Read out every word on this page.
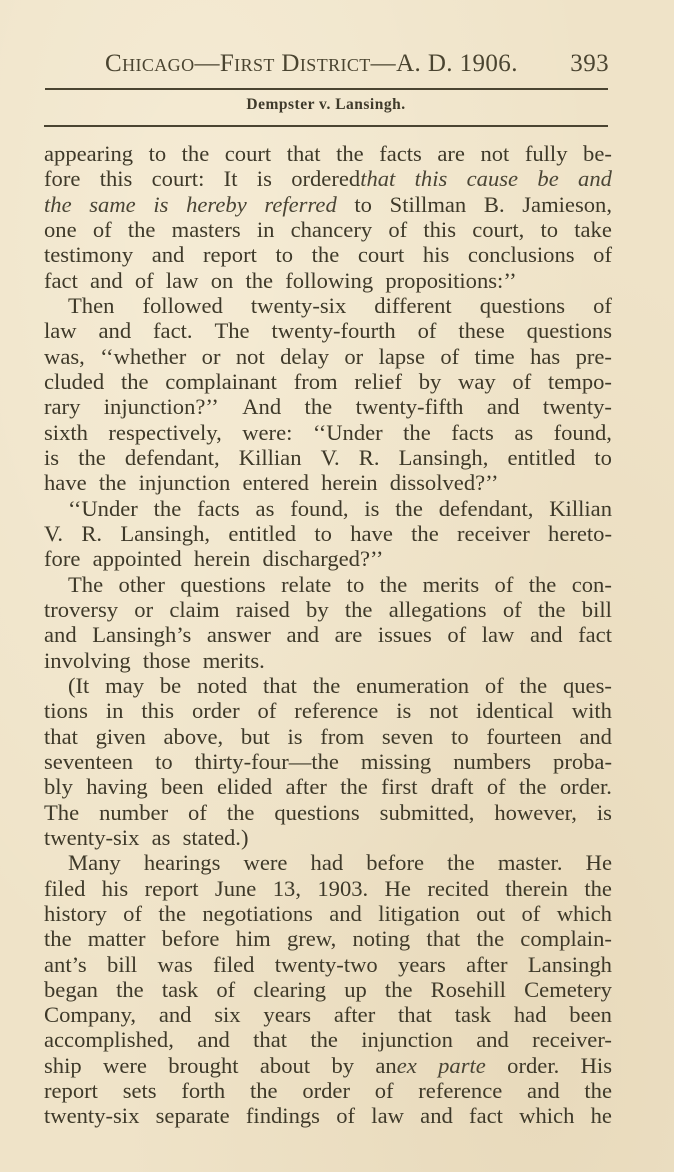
Chicago—First District—A. D. 1906. 393
Dempster v. Lansingh.
appearing to the court that the facts are not fully be-
fore this court: It is orderedthat this cause be and
the same is hereby referred to Stillman B. Jamieson,
one of the masters in chancery of this court, to take
testimony and report to the court his conclusions of
fact and of law on the following propositions:’’
Then followed twenty-six different questions of
law and fact. The twenty-fourth of these questions
was, ‘‘whether or not delay or lapse of time has pre-
cluded the complainant from relief by way of tempo-
rary injunction?’’ And the twenty-fifth and twenty-
sixth respectively, were: ‘‘Under the facts as found,
is the defendant, Killian V. R. Lansingh, entitled to
have the injunction entered herein dissolved?’’
‘‘Under the facts as found, is the defendant, Killian
V. R. Lansingh, entitled to have the receiver hereto-
fore appointed herein discharged?’’
The other questions relate to the merits of the con-
troversy or claim raised by the allegations of the bill
and Lansingh’s answer and are issues of law and fact
involving those merits.
(It may be noted that the enumeration of the ques-
tions in this order of reference is not identical with
that given above, but is from seven to fourteen and
seventeen to thirty-four—the missing numbers proba-
bly having been elided after the first draft of the order.
The number of the questions submitted, however, is
twenty-six as stated.)
Many hearings were had before the master. He
filed his report June 13, 1903. He recited therein the
history of the negotiations and litigation out of which
the matter before him grew, noting that the complain-
ant’s bill was filed twenty-two years after Lansingh
began the task of clearing up the Rosehill Cemetery
Company, and six years after that task had been
accomplished, and that the injunction and receiver-
ship were brought about by anex parte order. His
report sets forth the order of reference and the
twenty-six separate findings of law and fact which he
